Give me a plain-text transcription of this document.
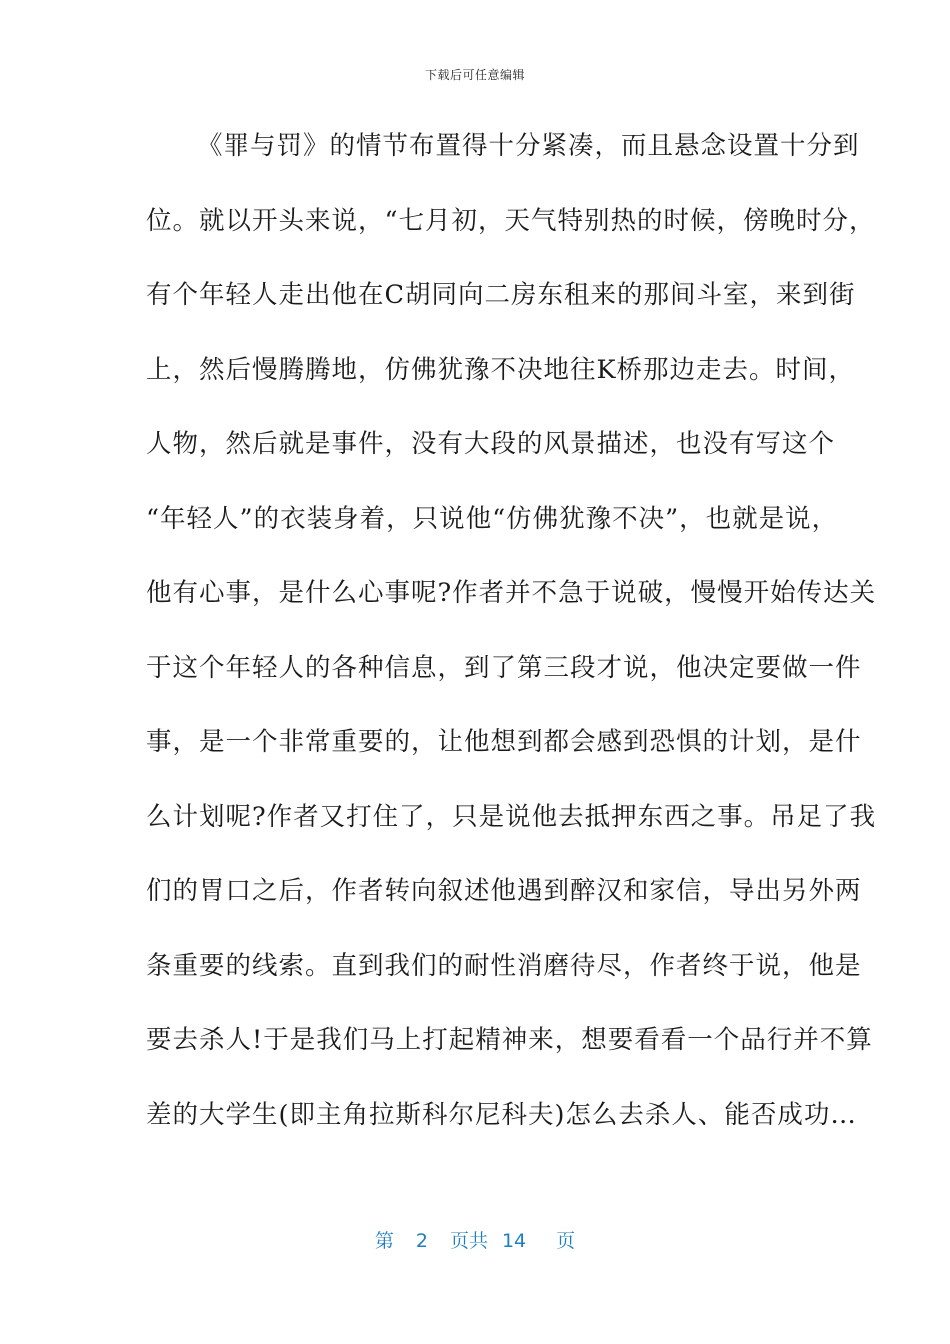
下载后可任意编辑
《罪与罚》的情节布置得十分紧凑，而且悬念设置十分到
位。就以开头来说，“七月初，天气特别热的时候，傍晚时分，
有个年轻人走出他在C胡同向二房东租来的那间斗室，来到街
上，然后慢腾腾地，仿佛犹豫不决地往K桥那边走去。时间，
人物，然后就是事件，没有大段的风景描述，也没有写这个
“年轻人”的衣装身着，只说他“仿佛犹豫不决”，也就是说，
他有心事，是什么心事呢?作者并不急于说破，慢慢开始传达关
于这个年轻人的各种信息，到了第三段才说，他决定要做一件
事，是一个非常重要的，让他想到都会感到恐惧的计划，是什
么计划呢?作者又打住了，只是说他去抵押东西之事。吊足了我
们的胃口之后，作者转向叙述他遇到醉汉和家信，导出另外两
条重要的线索。直到我们的耐性消磨待尽，作者终于说，他是
要去杀人!于是我们马上打起精神来，想要看看一个品行并不算
差的大学生(即主角拉斯科尔尼科夫)怎么去杀人、能否成功…
第 2 页共 14 页
